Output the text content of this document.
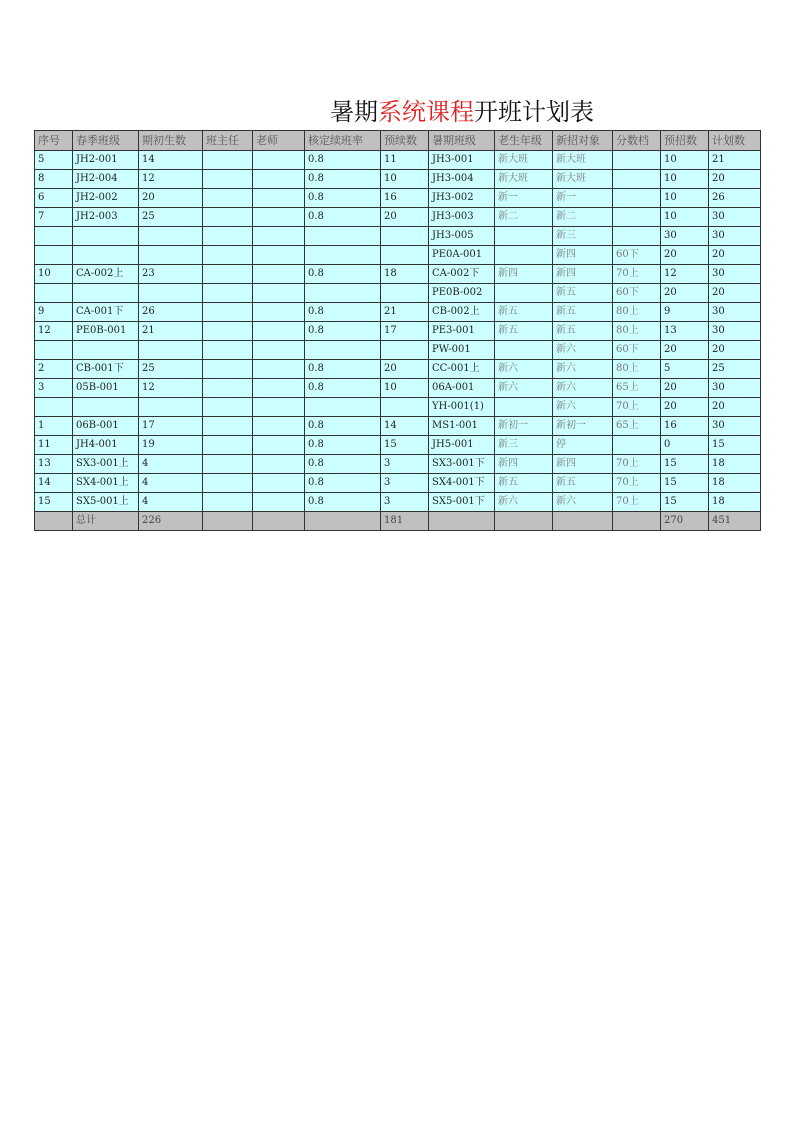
暑期系统课程开班计划表
序号	春季班级	期初生数	班主任	老师	核定续班率	预续数	暑期班级	老生年级	新招对象	分数档	预招数	计划数
5	JH2-001	14			0.8	11	JH3-001	新大班	新大班		10	21
8	JH2-004	12			0.8	10	JH3-004	新大班	新大班		10	20
6	JH2-002	20			0.8	16	JH3-002	新一	新一		10	26
7	JH2-003	25			0.8	20	JH3-003	新二	新二		10	30
							JH3-005		新三		30	30
							PE0A-001		新四	60下	20	20
10	CA-002上	23			0.8	18	CA-002下	新四	新四	70上	12	30
							PE0B-002		新五	60下	20	20
9	CA-001下	26			0.8	21	CB-002上	新五	新五	80上	9	30
12	PE0B-001	21			0.8	17	PE3-001	新五	新五	80上	13	30
							PW-001		新六	60下	20	20
2	CB-001下	25			0.8	20	CC-001上	新六	新六	80上	5	25
3	05B-001	12			0.8	10	06A-001	新六	新六	65上	20	30
							YH-001(1)		新六	70上	20	20
1	06B-001	17			0.8	14	MS1-001	新初一	新初一	65上	16	30
11	JH4-001	19			0.8	15	JH5-001	新三	停		0	15
13	SX3-001上	4			0.8	3	SX3-001下	新四	新四	70上	15	18
14	SX4-001上	4			0.8	3	SX4-001下	新五	新五	70上	15	18
15	SX5-001上	4			0.8	3	SX5-001下	新六	新六	70上	15	18
	总计	226				181					270	451
